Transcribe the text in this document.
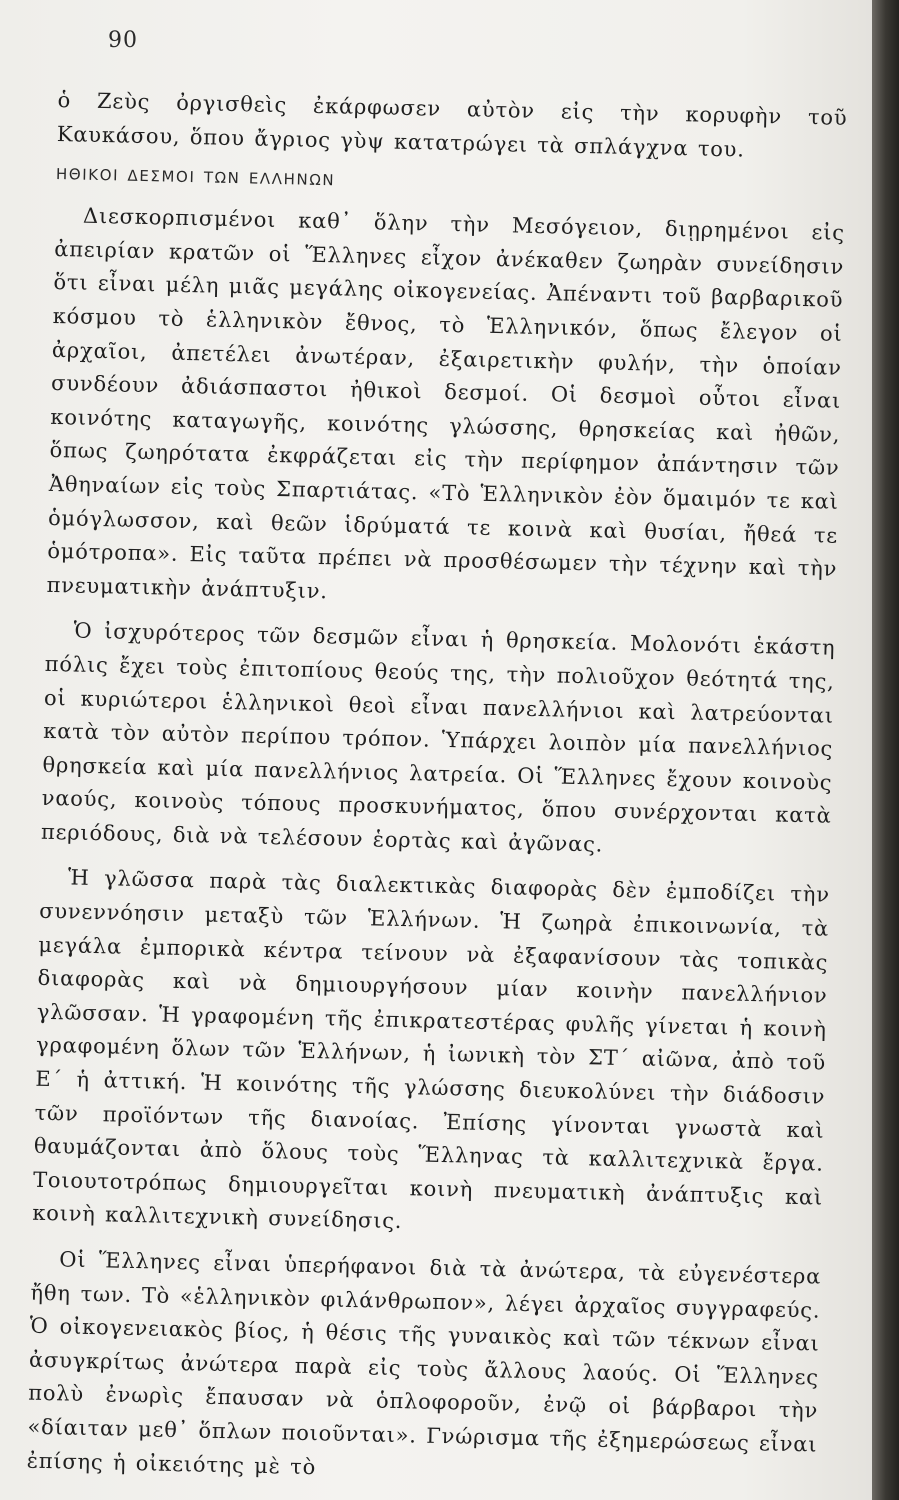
90

ὁ Ζεὺς ὀργισθεὶς ἐκάρφωσεν αὐτὸν εἰς τὴν κορυφὴν τοῦ Καυκάσου, ὅπου ἄγριος γὺψ κατατρώγει τὰ σπλάγχνα του.

ΗΘΙΚΟΙ ΔΕΣΜΟΙ ΤΩΝ ΕΛΛΗΝΩΝ

Διεσκορπισμένοι καθ᾽ ὅλην τὴν Μεσόγειον, διῃρημένοι εἰς ἀπειρίαν κρατῶν οἱ Ἕλληνες εἶχον ἀνέκαθεν ζωηρὰν συνείδησιν ὅτι εἶναι μέλη μιᾶς μεγάλης οἰκογενείας. Ἀπέναντι τοῦ βαρβαρικοῦ κόσμου τὸ ἑλληνικὸν ἔθνος, τὸ Ἑλληνικόν, ὅπως ἔλεγον οἱ ἀρχαῖοι, ἀπετέλει ἀνωτέραν, ἐξαιρετικὴν φυλήν, τὴν ὁποίαν συνδέουν ἀδιάσπαστοι ἠθικοὶ δεσμοί. Οἱ δεσμοὶ οὗτοι εἶναι κοινότης καταγωγῆς, κοινότης γλώσσης, θρησκείας καὶ ἠθῶν, ὅπως ζωηρότατα ἐκφράζεται εἰς τὴν περίφημον ἀπάντησιν τῶν Ἀθηναίων εἰς τοὺς Σπαρτιάτας. «Τὸ Ἑλληνικὸν ἐὸν ὅμαιμόν τε καὶ ὁμόγλωσσον, καὶ θεῶν ἱδρύματά τε κοινὰ καὶ θυσίαι, ἤθεά τε ὁμότροπα». Εἰς ταῦτα πρέπει νὰ προσθέσωμεν τὴν τέχνην καὶ τὴν πνευματικὴν ἀνάπτυξιν.

Ὁ ἰσχυρότερος τῶν δεσμῶν εἶναι ἡ θρησκεία. Μολονότι ἑκάστη πόλις ἔχει τοὺς ἐπιτοπίους θεούς της, τὴν πολιοῦχον θεότητά της, οἱ κυριώτεροι ἑλληνικοὶ θεοὶ εἶναι πανελλήνιοι καὶ λατρεύονται κατὰ τὸν αὐτὸν περίπου τρόπον. Ὑπάρχει λοιπὸν μία πανελλήνιος θρησκεία καὶ μία πανελλήνιος λατρεία. Οἱ Ἕλληνες ἔχουν κοινοὺς ναούς, κοινοὺς τόπους προσκυνήματος, ὅπου συνέρχονται κατὰ περιόδους, διὰ νὰ τελέσουν ἑορτὰς καὶ ἀγῶνας.

Ἡ γλῶσσα παρὰ τὰς διαλεκτικὰς διαφορὰς δὲν ἐμποδίζει τὴν συνεννόησιν μεταξὺ τῶν Ἑλλήνων. Ἡ ζωηρὰ ἐπικοινωνία, τὰ μεγάλα ἐμπορικὰ κέντρα τείνουν νὰ ἐξαφανίσουν τὰς τοπικὰς διαφορὰς καὶ νὰ δημιουργήσουν μίαν κοινὴν πανελλήνιον γλῶσσαν. Ἡ γραφομένη τῆς ἐπικρατεστέρας φυλῆς γίνεται ἡ κοινὴ γραφομένη ὅλων τῶν Ἑλλήνων, ἡ ἰωνικὴ τὸν ΣΤ´ αἰῶνα, ἀπὸ τοῦ Ε´ ἡ ἀττική. Ἡ κοινότης τῆς γλώσσης διευκολύνει τὴν διάδοσιν τῶν προϊόντων τῆς διανοίας. Ἐπίσης γίνονται γνωστὰ καὶ θαυμάζονται ἀπὸ ὅλους τοὺς Ἕλληνας τὰ καλλιτεχνικὰ ἔργα. Τοιουτοτρόπως δημιουργεῖται κοινὴ πνευματικὴ ἀνάπτυξις καὶ κοινὴ καλλιτεχνικὴ συνείδησις.

Οἱ Ἕλληνες εἶναι ὑπερήφανοι διὰ τὰ ἀνώτερα, τὰ εὐγενέστερα ἤθη των. Τὸ «ἑλληνικὸν φιλάνθρωπον», λέγει ἀρχαῖος συγγραφεύς. Ὁ οἰκογενειακὸς βίος, ἡ θέσις τῆς γυναικὸς καὶ τῶν τέκνων εἶναι ἀσυγκρίτως ἀνώτερα παρὰ εἰς τοὺς ἄλλους λαούς. Οἱ Ἕλληνες πολὺ ἐνωρὶς ἔπαυσαν νὰ ὁπλοφοροῦν, ἐνῷ οἱ βάρβαροι τὴν «δίαιταν μεθ᾽ ὅπλων ποιοῦνται». Γνώρισμα τῆς ἐξημερώσεως εἶναι ἐπίσης ἡ οἰκειότης μὲ τὸ
